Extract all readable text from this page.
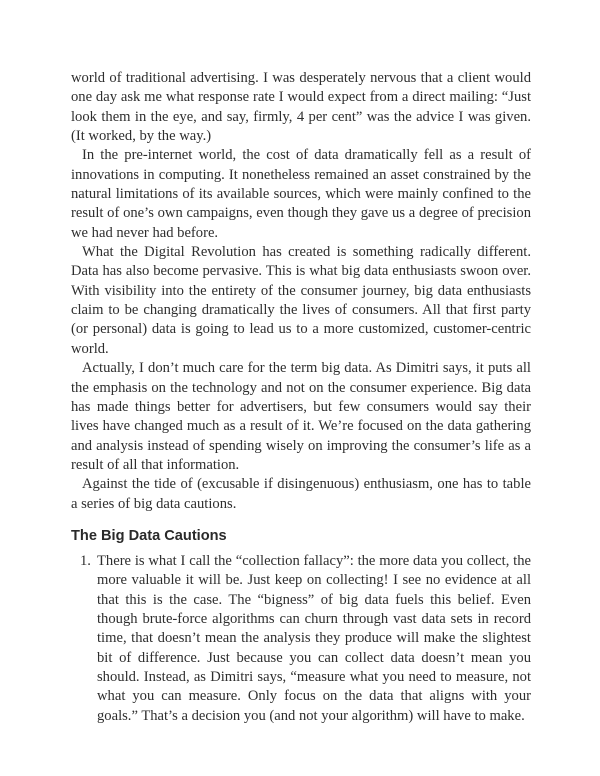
world of traditional advertising. I was desperately nervous that a client would one day ask me what response rate I would expect from a direct mailing: “Just look them in the eye, and say, firmly, 4 per cent” was the advice I was given. (It worked, by the way.)

In the pre-internet world, the cost of data dramatically fell as a result of innovations in computing. It nonetheless remained an asset constrained by the natural limitations of its available sources, which were mainly confined to the result of one’s own campaigns, even though they gave us a degree of precision we had never had before.

What the Digital Revolution has created is something radically different. Data has also become pervasive. This is what big data enthusiasts swoon over. With visibility into the entirety of the consumer journey, big data enthusiasts claim to be changing dramatically the lives of consumers. All that first party (or personal) data is going to lead us to a more customized, customer-centric world.

Actually, I don’t much care for the term big data. As Dimitri says, it puts all the emphasis on the technology and not on the consumer experience. Big data has made things better for advertisers, but few consumers would say their lives have changed much as a result of it. We’re focused on the data gathering and analysis instead of spending wisely on improving the consumer’s life as a result of all that information.

Against the tide of (excusable if disingenuous) enthusiasm, one has to table a series of big data cautions.

The Big Data Cautions
1. There is what I call the “collection fallacy”: the more data you collect, the more valuable it will be. Just keep on collecting! I see no evidence at all that this is the case. The “bigness” of big data fuels this belief. Even though brute-force algorithms can churn through vast data sets in record time, that doesn’t mean the analysis they produce will make the slightest bit of difference. Just because you can collect data doesn’t mean you should. Instead, as Dimitri says, “measure what you need to measure, not what you can measure. Only focus on the data that aligns with your goals.” That’s a decision you (and not your algorithm) will have to make.
